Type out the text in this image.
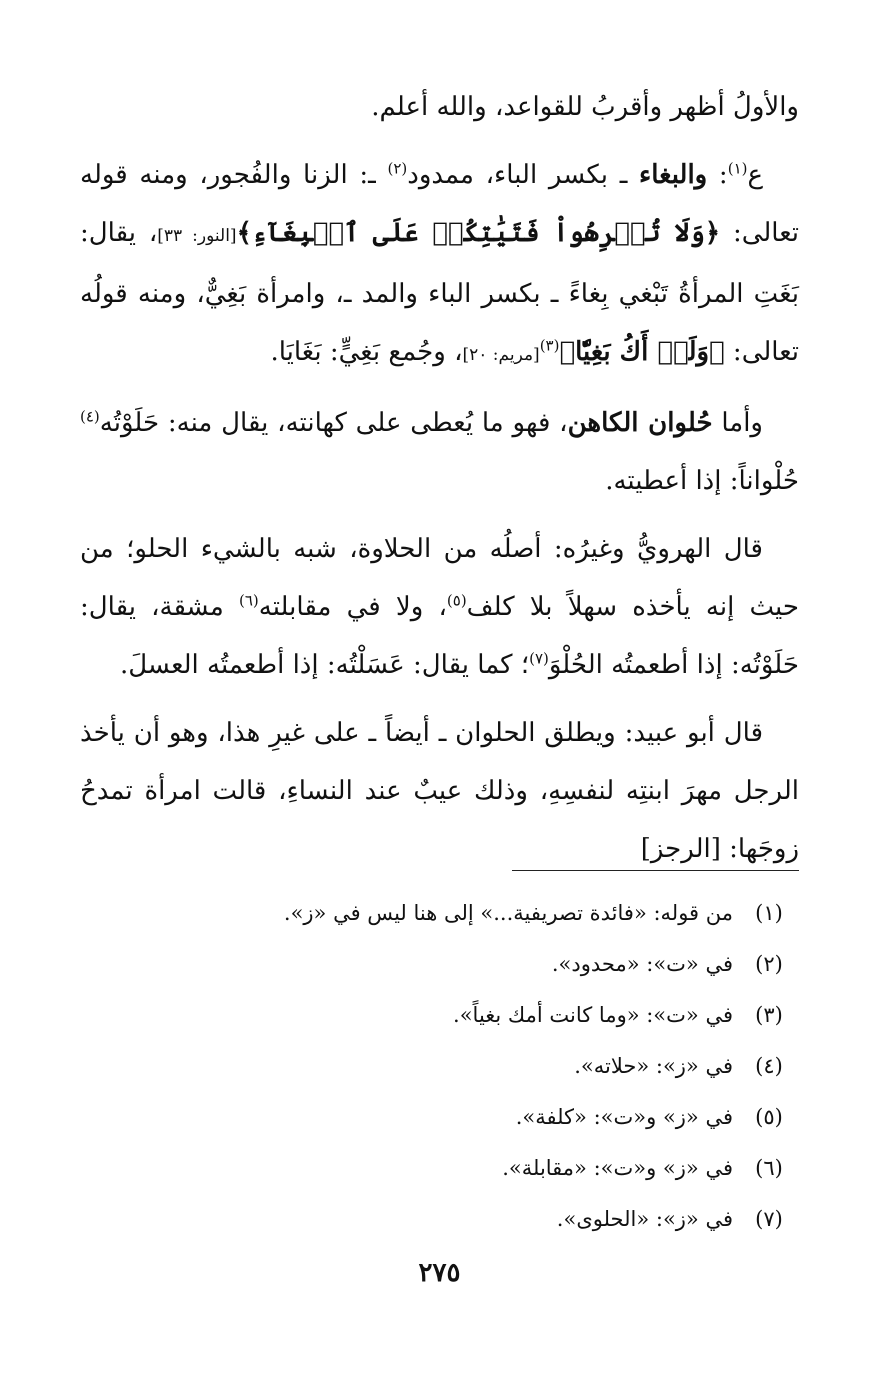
والأولُ أظهر وأقربُ للقواعد، والله أعلم.

ع$^{(١)}$: والبغاء ـ بكسر الباء، ممدود$^{(٢)}$ ـ: الزنا والفُجور، ومنه قوله تعالى: ﴿وَلَا تُكۡرِهُواْ فَتَيَٰتِكُمۡ عَلَى ٱلۡبِغَآءِ﴾[النور: ٣٣]، يقال: بَغَتِ المرأةُ تَبْغي بِغاءً ـ بكسر الباء والمد ـ، وامرأة بَغِيٌّ، ومنه قولُه تعالى: ﴿وَلَمۡ أَكُ بَغِيّٗا﴾$^{(٣)}$[مريم: ٢٠]، وجُمع بَغِيٍّ: بَغَايَا.

وأما حُلوان الكاهن، فهو ما يُعطى على كهانته، يقال منه: حَلَوْتُه$^{(٤)}$ حُلْواناً: إذا أعطيته.

قال الهرويُّ وغيرُه: أصلُه من الحلاوة، شبه بالشيء الحلو؛ من حيث إنه يأخذه سهلاً بلا كلف$^{(٥)}$، ولا في مقابلته$^{(٦)}$ مشقة، يقال: حَلَوْتُه: إذا أطعمتُه الحُلْوَ$^{(٧)}$؛ كما يقال: عَسَلْتُه: إذا أطعمتُه العسلَ.

قال أبو عبيد: ويطلق الحلوان ـ أيضاً ـ على غيرِ هذا، وهو أن يأخذ الرجل مهرَ ابنتِه لنفسِهِ، وذلك عيبٌ عند النساءِ، قالت امرأة تمدحُ زوجَها: [الرجز]

(١)
من قوله: «فائدة تصريفية...» إلى هنا ليس في «ز».
(٢)
في «ت»: «محدود».
(٣)
في «ت»: «وما كانت أمك بغياً».
(٤)
في «ز»: «حلاته».
(٥)
في «ز» و«ت»: «كلفة».
(٦)
في «ز» و«ت»: «مقابلة».
(٧)
في «ز»: «الحلوى».
٢٧٥
